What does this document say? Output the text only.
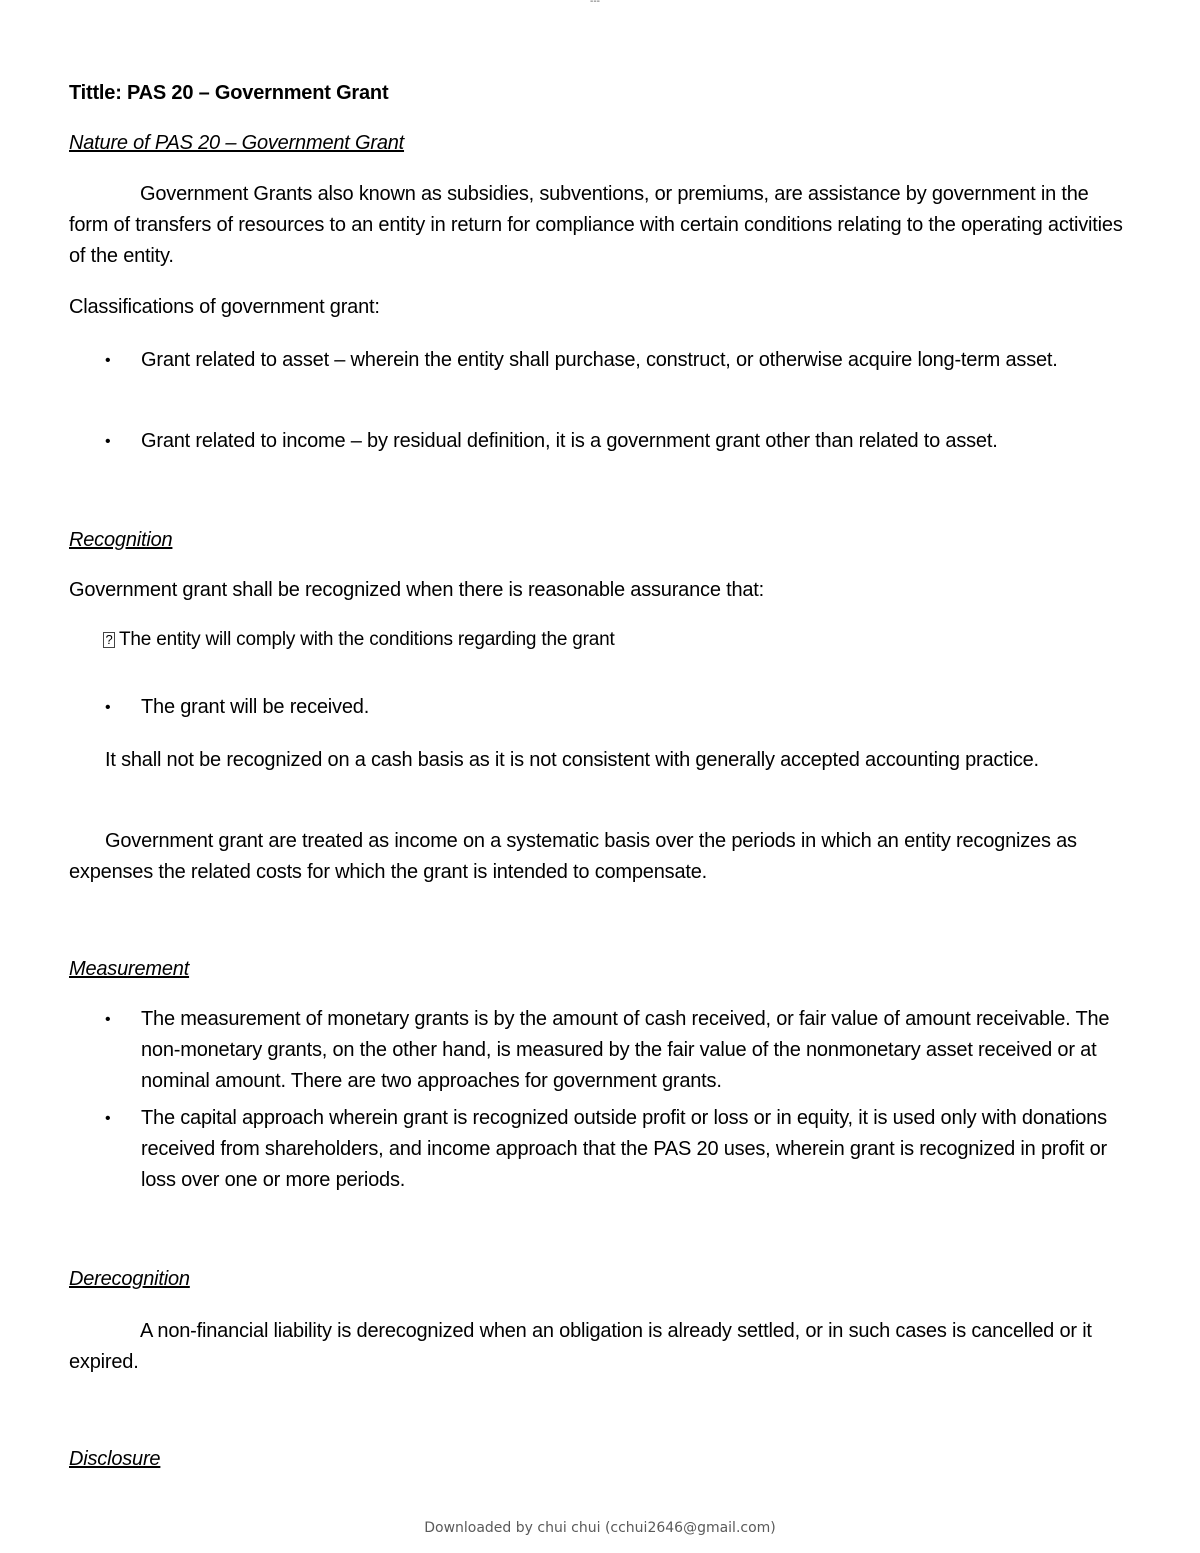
---
Tittle: PAS 20 – Government Grant
Nature of PAS 20 – Government Grant
Government Grants also known as subsidies, subventions, or premiums, are assistance by government in the form of transfers of resources to an entity in return for compliance with certain conditions relating to the operating activities of the entity.
Classifications of government grant:
•	Grant related to asset – wherein the entity shall purchase, construct, or otherwise acquire long-term asset.
•	Grant related to income – by residual definition, it is a government grant other than related to asset.
Recognition
Government grant shall be recognized when there is reasonable assurance that:
? The entity will comply with the conditions regarding the grant
•	The grant will be received.
It shall not be recognized on a cash basis as it is not consistent with generally accepted accounting practice.
Government grant are treated as income on a systematic basis over the periods in which an entity recognizes as expenses the related costs for which the grant is intended to compensate.
Measurement
•	The measurement of monetary grants is by the amount of cash received, or fair value of amount receivable. The non-monetary grants, on the other hand, is measured by the fair value of the nonmonetary asset received or at nominal amount. There are two approaches for government grants.
•	The capital approach wherein grant is recognized outside profit or loss or in equity, it is used only with donations received from shareholders, and income approach that the PAS 20 uses, wherein grant is recognized in profit or loss over one or more periods.
Derecognition
A non-financial liability is derecognized when an obligation is already settled, or in such cases is cancelled or it expired.
Disclosure
Downloaded by chui chui (cchui2646@gmail.com)
